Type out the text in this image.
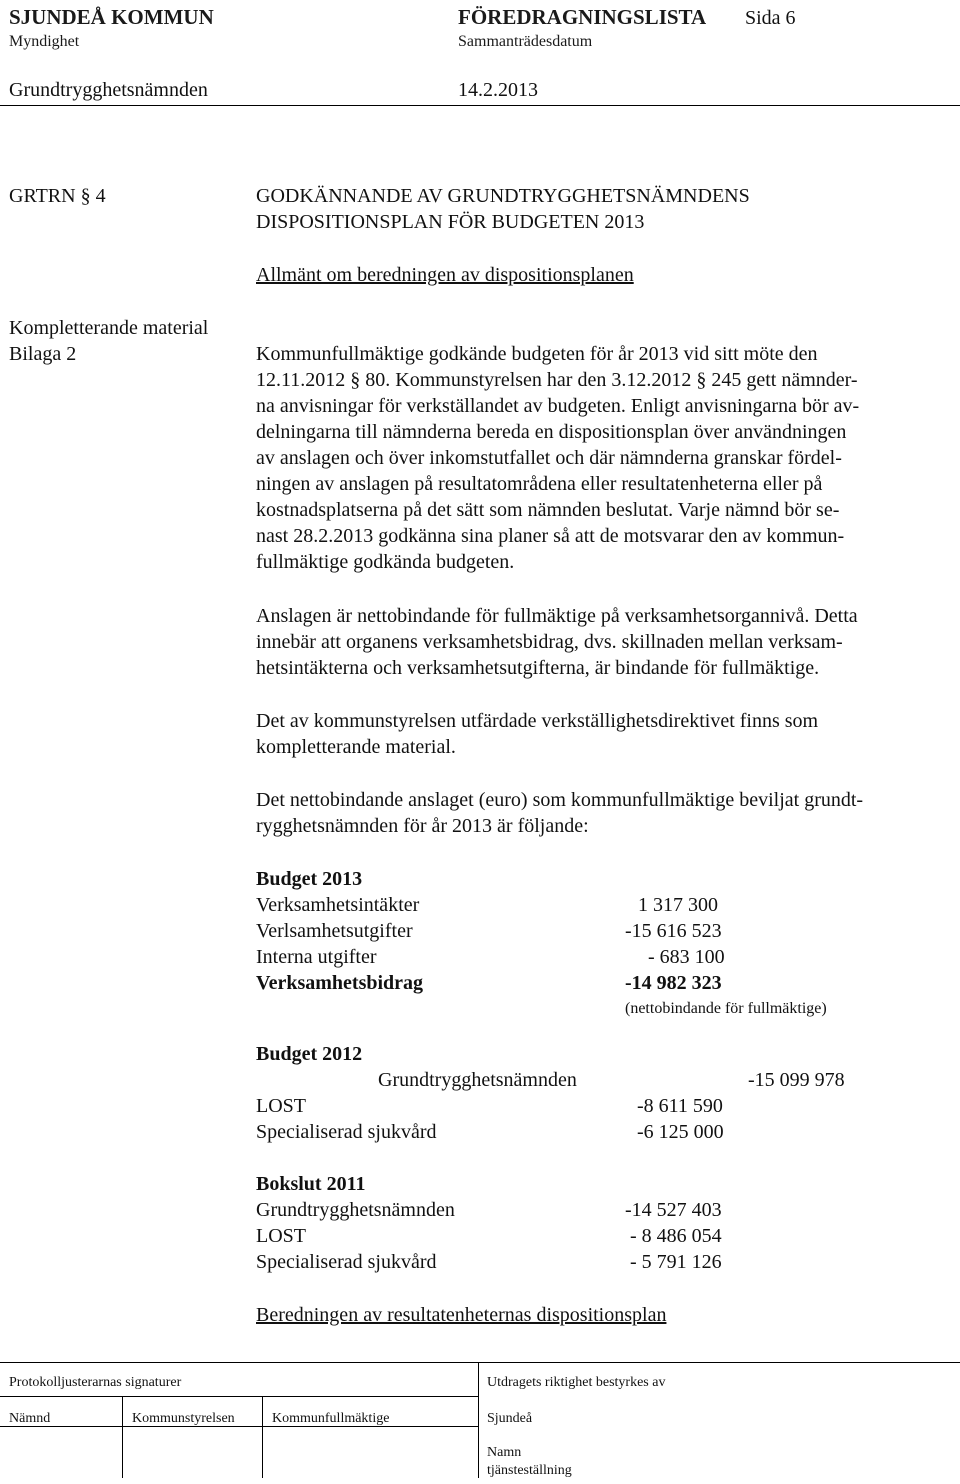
SJUNDEÅ KOMMUN	FÖREDRAGNINGSLISTA Sida 6
Myndighet	Sammanträdesdatum
Grundtrygghetsnämnden	14.2.2013
GRTRN § 4	GODKÄNNANDE AV GRUNDTRYGGHETSNÄMNDENS
DISPOSITIONSPLAN FÖR BUDGETEN 2013
Allmänt om beredningen av dispositionsplanen
Kompletterande material
Bilaga 2	Kommunfullmäktige godkände budgeten för år 2013 vid sitt möte den
12.11.2012 § 80. Kommunstyrelsen har den 3.12.2012 § 245 gett nämnder-
na anvisningar för verkställandet av budgeten. Enligt anvisningarna bör av-
delningarna till nämnderna bereda en dispositionsplan över användningen
av anslagen och över inkomstutfallet och där nämnderna granskar fördel-
ningen av anslagen på resultatområdena eller resultatenheterna eller på
kostnadsplatserna på det sätt som nämnden beslutat. Varje nämnd bör se-
nast 28.2.2013 godkänna sina planer så att de motsvarar den av kommun-
fullmäktige godkända budgeten.
Anslagen är nettobindande för fullmäktige på verksamhetsorgannivå. Detta
innebär att organens verksamhetsbidrag, dvs. skillnaden mellan verksam-
hetsintäkterna och verksamhetsutgifterna, är bindande för fullmäktige.
Det av kommunstyrelsen utfärdade verkställighetsdirektivet finns som
kompletterande material.
Det nettobindande anslaget (euro) som kommunfullmäktige beviljat grundt-
rygghetsnämnden för år 2013 är följande:
Budget 2013
Verksamhetsintäkter	1 317 300
Verlsamhetsutgifter	-15 616 523
Interna utgifter	- 683 100
Verksamhetsbidrag	-14 982 323
(nettobindande för fullmäktige)
Budget 2012
Grundtrygghetsnämnden	-15 099 978
LOST	-8 611 590
Specialiserad sjukvård	-6 125 000
Bokslut 2011
Grundtrygghetsnämnden	-14 527 403
LOST	- 8 486 054
Specialiserad sjukvård	- 5 791 126
Beredningen av resultatenheternas dispositionsplan
Protokolljusterarnas signaturer	Utdragets riktighet bestyrkes av
Nämnd	Kommunstyrelsen	Kommunfullmäktige	Sjundeå
Namn
tjänsteställning
